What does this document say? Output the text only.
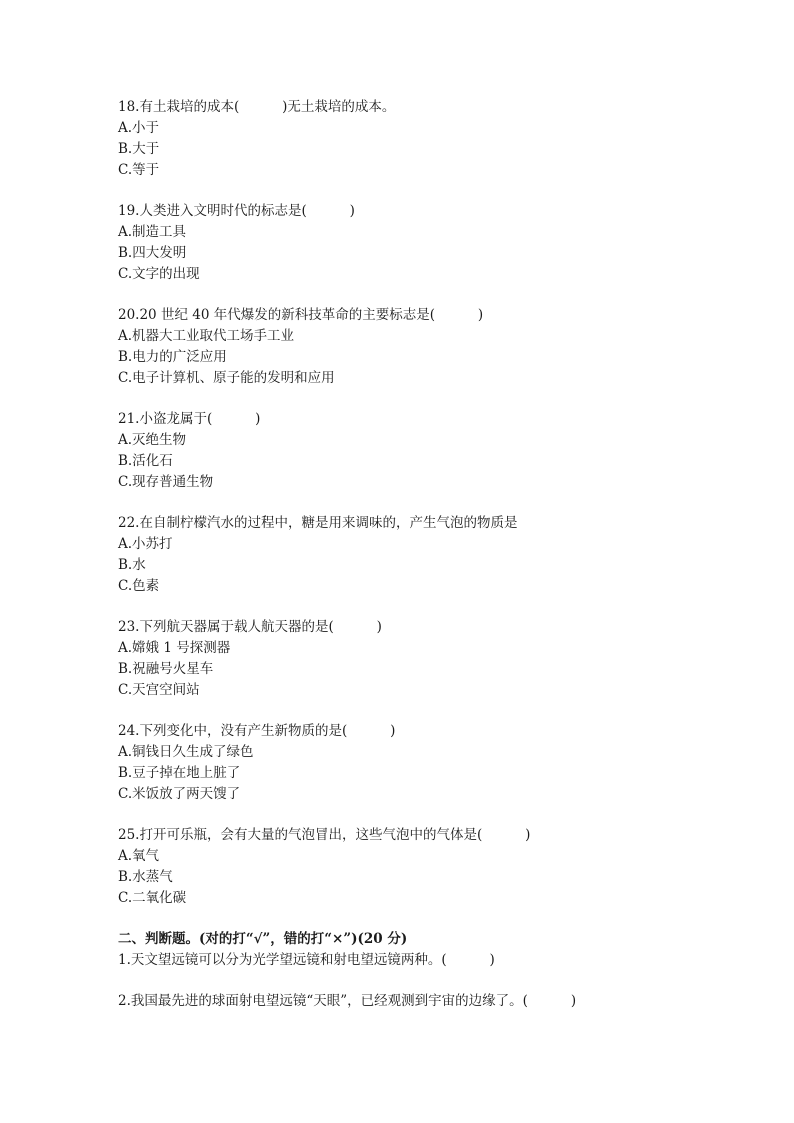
18.有土栽培的成本(          )无土栽培的成本。
A.小于
B.大于
C.等于
19.人类进入文明时代的标志是(          )
A.制造工具
B.四大发明
C.文字的出现
20.20 世纪 40 年代爆发的新科技革命的主要标志是(          )
A.机器大工业取代工场手工业
B.电力的广泛应用
C.电子计算机、原子能的发明和应用
21.小盗龙属于(          )
A.灭绝生物
B.活化石
C.现存普通生物
22.在自制柠檬汽水的过程中，糖是用来调味的，产生气泡的物质是
A.小苏打
B.水
C.色素
23.下列航天器属于载人航天器的是(          )
A.嫦娥 1 号探测器
B.祝融号火星车
C.天宫空间站
24.下列变化中，没有产生新物质的是(          )
A.铜钱日久生成了绿色
B.豆子掉在地上脏了
C.米饭放了两天馊了
25.打开可乐瓶，会有大量的气泡冒出，这些气泡中的气体是(          )
A.氧气
B.水蒸气
C.二氧化碳
二、判断题。(对的打“√”，错的打“×”)(20 分)
1.天文望远镜可以分为光学望远镜和射电望远镜两种。(          )
2.我国最先进的球面射电望远镜“天眼”，已经观测到宇宙的边缘了。(          )
